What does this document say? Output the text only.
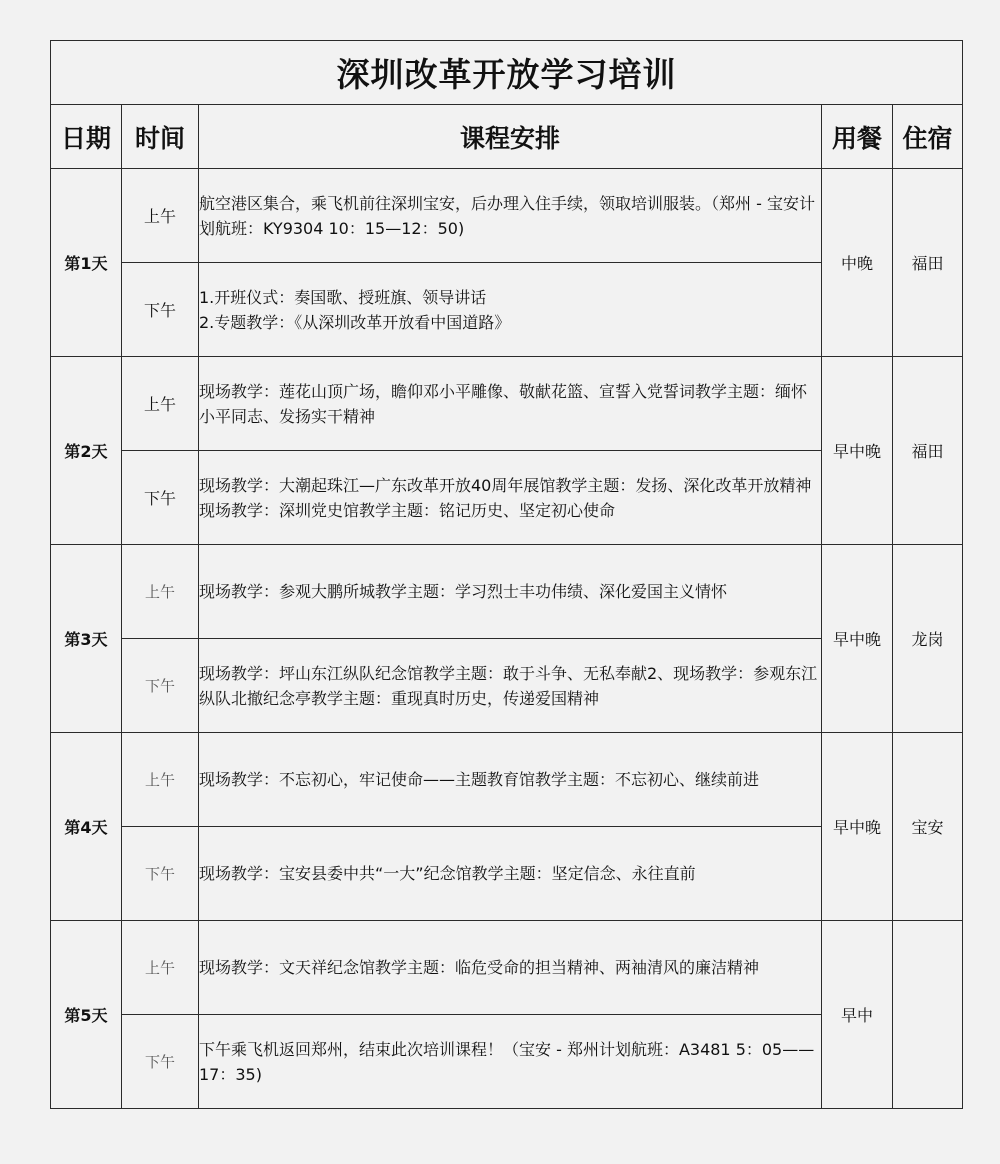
深圳改革开放学习培训				
日期	时间	课程安排	用餐	住宿
第1天	上午	航空港区集合，乘飞机前往深圳宝安，后办理入住手续，领取培训服装。（郑州 - 宝安计划航班：KY9304 10：15—12：50)	中晚	福田
	下午	1.开班仪式：奏国歌、授班旗、领导讲话
2.专题教学：《从深圳改革开放看中国道路》		

第2天	上午	现场教学：莲花山顶广场，瞻仰邓小平雕像、敬献花篮、宣誓入党誓词教学主题：缅怀小平同志、发扬实干精神	早中晚	福田
	下午	现场教学：大潮起珠江—广东改革开放40周年展馆教学主题：发扬、深化改革开放精神现场教学：深圳党史馆教学主题：铭记历史、坚定初心使命		

第3天	上午	现场教学：参观大鹏所城教学主题：学习烈士丰功伟绩、深化爱国主义情怀	早中晚	龙岗
	下午	现场教学：坪山东江纵队纪念馆教学主题：敢于斗争、无私奉献2、现场教学：参观东江纵队北撤纪念亭教学主题：重现真时历史，传递爱国精神		

第4天	上午	现场教学：不忘初心，牢记使命——主题教育馆教学主题：不忘初心、继续前进	早中晚	宝安
	下午	现场教学：宝安县委中共“一大”纪念馆教学主题：坚定信念、永往直前		

第5天	上午	现场教学：文天祥纪念馆教学主题：临危受命的担当精神、两袖清风的廉洁精神	早中	
	下午	下午乘飞机返回郑州，结束此次培训课程！（宝安 - 郑州计划航班：A3481 5：05——17：35)		
